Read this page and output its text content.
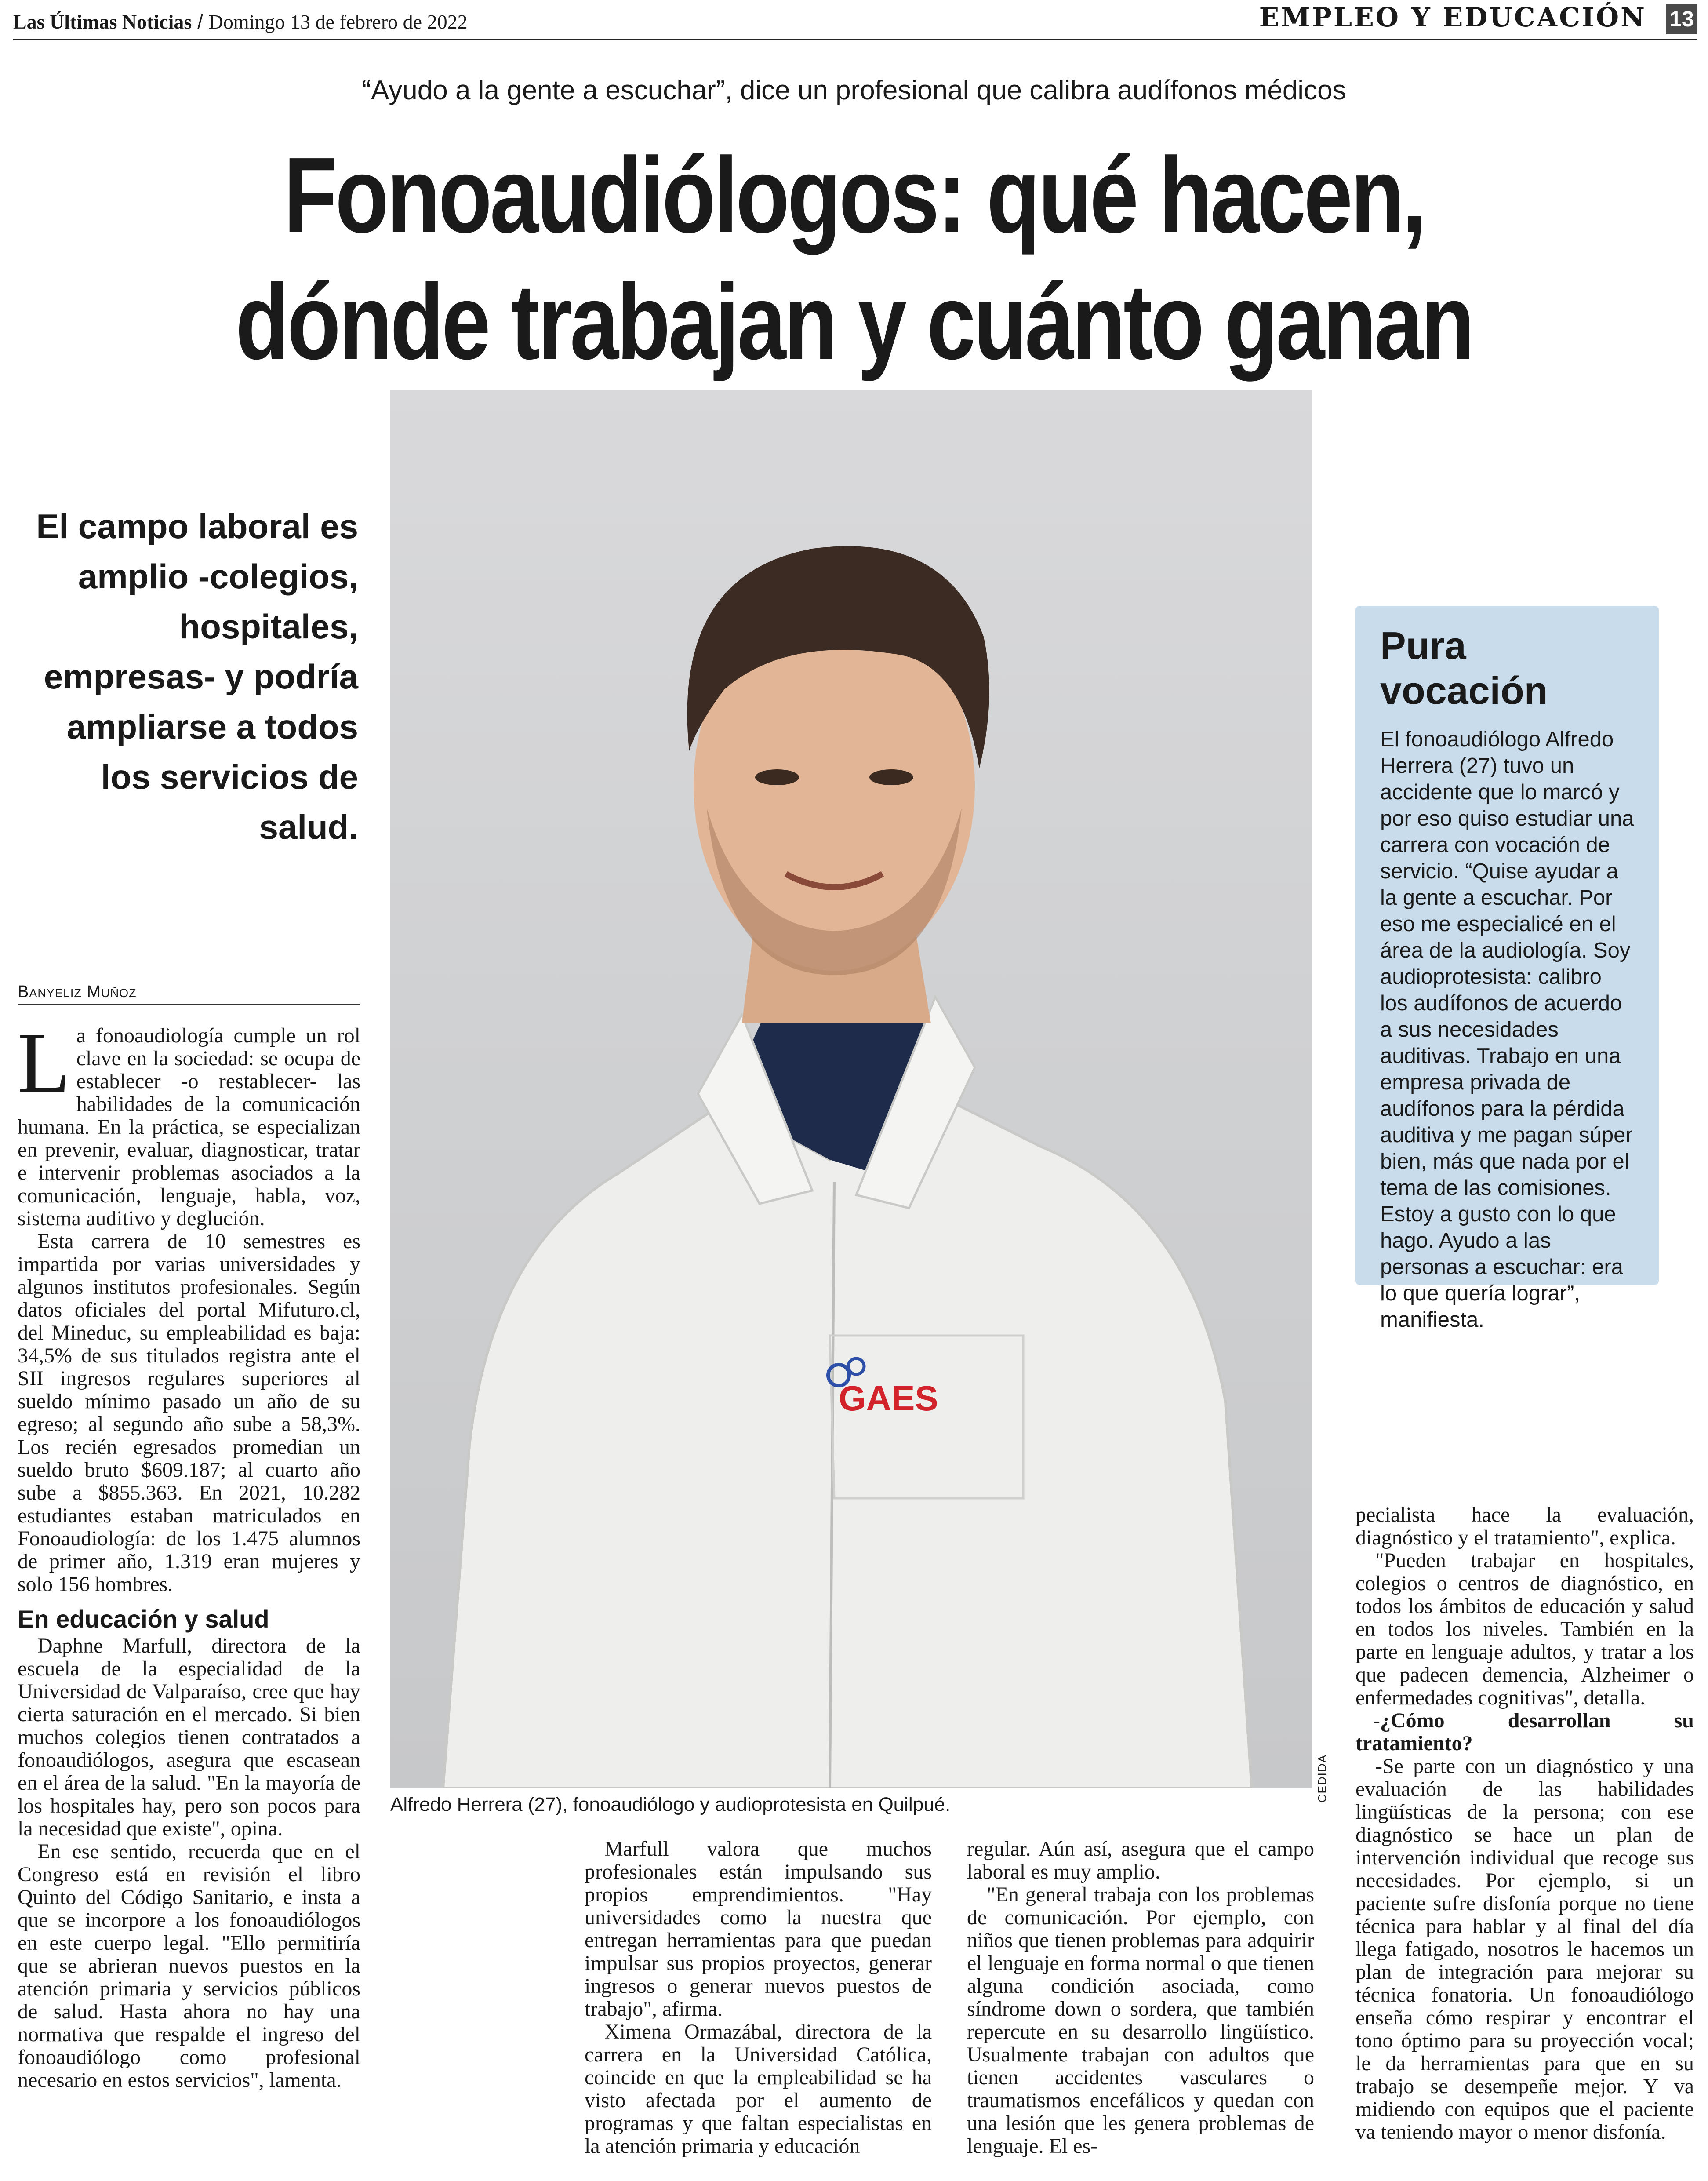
Las Últimas Noticias / Domingo 13 de febrero de 2022	EMPLEO Y EDUCACIÓN 13
“Ayudo a la gente a escuchar”, dice un profesional que calibra audífonos médicos
Fonoaudiólogos: qué hacen,
dónde trabajan y cuánto ganan
GAES
CEDIDA
Alfredo Herrera (27), fonoaudiólogo y audioprotesista en Quilpué.
El campo laboral es amplio -colegios, hospitales, empresas- y podría ampliarse a todos los servicios de salud.
Banyeliz Muñoz

La fonoaudiología cumple un rol clave en la sociedad: se ocupa de establecer -o restablecer- las habilidades de la comunicación humana. En la práctica, se especializan en prevenir, evaluar, diagnosticar, tratar e intervenir problemas asociados a la comunicación, lenguaje, habla, voz, sistema auditivo y deglución.

Esta carrera de 10 semestres es impartida por varias universidades y algunos institutos profesionales. Según datos oficiales del portal Mifuturo.cl, del Mineduc, su empleabilidad es baja: 34,5% de sus titulados registra ante el SII ingresos regulares superiores al sueldo mínimo pasado un año de su egreso; al segundo año sube a 58,3%. Los recién egresados promedian un sueldo bruto $609.187; al cuarto año sube a $855.363. En 2021, 10.282 estudiantes estaban matriculados en Fonoaudiología: de los 1.475 alumnos de primer año, 1.319 eran mujeres y solo 156 hombres.

En educación y salud

Daphne Marfull, directora de la escuela de la especialidad de la Universidad de Valparaíso, cree que hay cierta saturación en el mercado. Si bien muchos colegios tienen contratados a fonoaudiólogos, asegura que escasean en el área de la salud. "En la mayoría de los hospitales hay, pero son pocos para la necesidad que existe", opina.

En ese sentido, recuerda que en el Congreso está en revisión el libro Quinto del Código Sanitario, e insta a que se incorpore a los fonoaudiólogos en este cuerpo legal. "Ello permitiría que se abrieran nuevos puestos en la atención primaria y servicios públicos de salud. Hasta ahora no hay una normativa que respalde el ingreso del fonoaudiólogo como profesional necesario en estos servicios", lamenta.

Marfull valora que muchos profesionales están impulsando sus propios emprendimientos. "Hay universidades como la nuestra que entregan herramientas para que puedan impulsar sus propios proyectos, generar ingresos o generar nuevos puestos de trabajo", afirma.

Ximena Ormazábal, directora de la carrera en la Universidad Católica, coincide en que la empleabilidad se ha visto afectada por el aumento de programas y que faltan especialistas en la atención primaria y educación

regular. Aún así, asegura que el campo laboral es muy amplio.

"En general trabaja con los problemas de comunicación. Por ejemplo, con niños que tienen problemas para adquirir el lenguaje en forma normal o que tienen alguna condición asociada, como síndrome down o sordera, que también repercute en su desarrollo lingüístico. Usualmente trabajan con adultos que tienen accidentes vasculares o traumatismos encefálicos y quedan con una lesión que les genera problemas de lenguaje. El es-

pecialista hace la evaluación, diagnóstico y el tratamiento", explica.

"Pueden trabajar en hospitales, colegios o centros de diagnóstico, en todos los ámbitos de educación y salud en todos los niveles. También en la parte en lenguaje adultos, y tratar a los que padecen demencia, Alzheimer o enfermedades cognitivas", detalla.

-¿Cómo desarrollan su tratamiento?

-Se parte con un diagnóstico y una evaluación de las habilidades lingüísticas de la persona; con ese diagnóstico se hace un plan de intervención individual que recoge sus necesidades. Por ejemplo, si un paciente sufre disfonía porque no tiene técnica para hablar y al final del día llega fatigado, nosotros le hacemos un plan de integración para mejorar su técnica fonatoria. Un fonoaudiólogo enseña cómo respirar y encontrar el tono óptimo para su proyección vocal; le da herramientas para que en su trabajo se desempeñe mejor. Y va midiendo con equipos que el paciente va teniendo mayor o menor disfonía.

Pura vocación

El fonoaudiólogo Alfredo Herrera (27) tuvo un accidente que lo marcó y por eso quiso estudiar una carrera con vocación de servicio. “Quise ayudar a la gente a escuchar. Por eso me especialicé en el área de la audiología. Soy audioprotesista: calibro los audífonos de acuerdo a sus necesidades auditivas. Trabajo en una empresa privada de audífonos para la pérdida auditiva y me pagan súper bien, más que nada por el tema de las comisiones. Estoy a gusto con lo que hago. Ayudo a las personas a escuchar: era lo que quería lograr”, manifiesta.
